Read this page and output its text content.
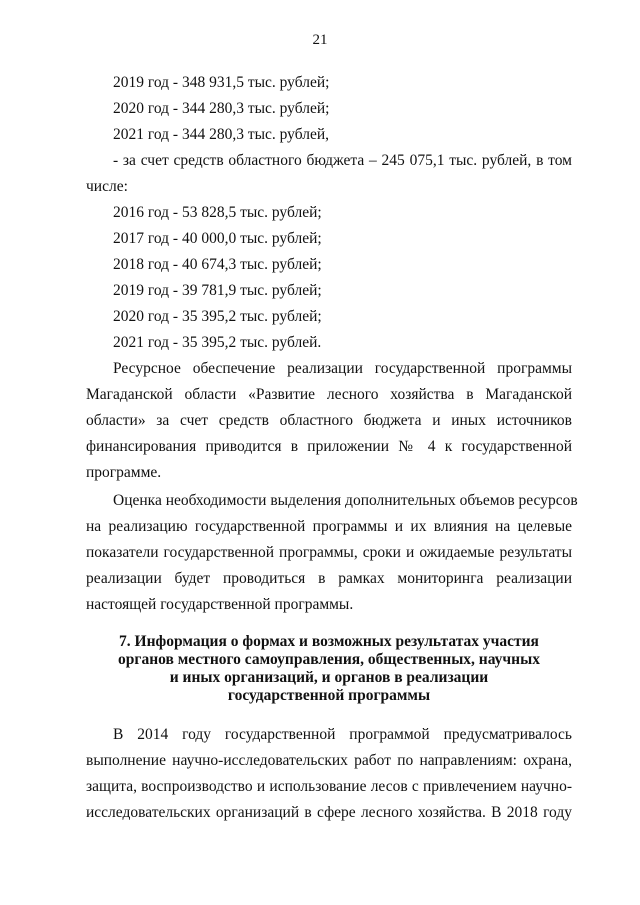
21
2019 год - 348 931,5 тыс. рублей;
2020 год - 344 280,3 тыс. рублей;
2021 год - 344 280,3 тыс. рублей,
- за счет средств областного бюджета – 245 075,1 тыс. рублей, в том
числе:
2016 год - 53 828,5 тыс. рублей;
2017 год - 40 000,0 тыс. рублей;
2018 год - 40 674,3 тыс. рублей;
2019 год - 39 781,9 тыс. рублей;
2020 год - 35 395,2 тыс. рублей;
2021 год - 35 395,2 тыс. рублей.
Ресурсное обеспечение реализации государственной программы
Магаданской области «Развитие лесного хозяйства в Магаданской
области» за счет средств областного бюджета и иных источников
финансирования приводится в приложении № 4 к государственной
программе.
Оценка необходимости выделения дополнительных объемов ресурсов
на реализацию государственной программы и их влияния на целевые
показатели государственной программы, сроки и ожидаемые результаты
реализации будет проводиться в рамках мониторинга реализации
настоящей государственной программы.
7. Информация о формах и возможных результатах участия
органов местного самоуправления, общественных, научных
и иных организаций, и органов в реализации
государственной программы
В 2014 году государственной программой предусматривалось
выполнение научно-исследовательских работ по направлениям: охрана,
защита, воспроизводство и использование лесов с привлечением научно-
исследовательских организаций в сфере лесного хозяйства. В 2018 году
